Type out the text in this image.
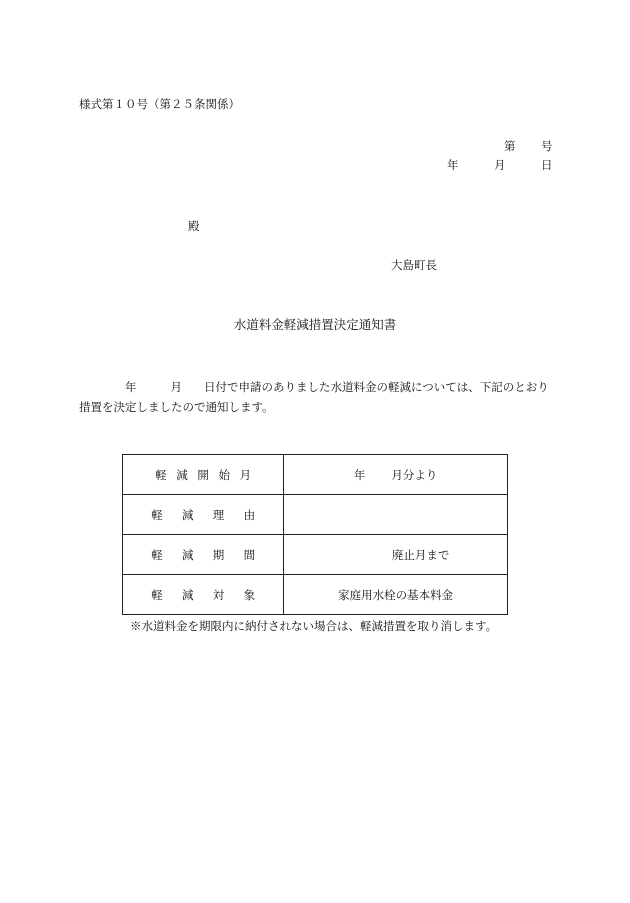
様式第１０号（第２５条関係）
第 号
年	月	日
殿
大島町長
水道料金軽減措置決定通知書
年	月 日付で申請のありました水道料金の軽減については、下記のとおり
措置を決定しましたので通知します。
軽 減 開 始 月	年 月分より

軽 減 理 由	

軽 減 期 間	廃止月まで

軽 減 対 象	家庭用水栓の基本料金
※水道料金を期限内に納付されない場合は、軽減措置を取り消します。
